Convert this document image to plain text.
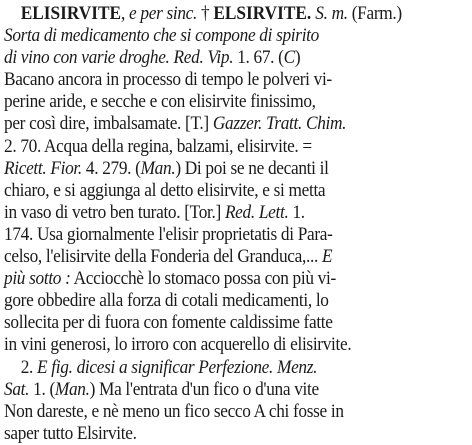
ELISIRVITE, e per sinc. † ELSIRVITE. S. m. (Farm.)
Sorta di medicamento che si compone di spirito
di vino con varie droghe. Red. Vip. 1. 67. (C)
Bacano ancora in processo di tempo le polveri vi-
perine aride, e secche e con elisirvite finissimo,
per così dire, imbalsamate. [T.] Gazzer. Tratt. Chim.
2. 70. Acqua della regina, balzami, elisirvite. =
Ricett. Fior. 4. 279. (Man.) Di poi se ne decanti il
chiaro, e si aggiunga al detto elisirvite, e si metta
in vaso di vetro ben turato. [Tor.] Red. Lett. 1.
174. Usa giornalmente l'elisir proprietatis di Para-
celso, l'elisirvite della Fonderia del Granduca,... E
più sotto : Acciocchè lo stomaco possa con più vi-
gore obbedire alla forza di cotali medicamenti, lo
sollecita per di fuora con fomente caldissime fatte
in vini generosi, lo irroro con acquerello di elisirvite.
2. E fig. dicesi a significar Perfezione. Menz.
Sat. 1. (Man.) Ma l'entrata d'un fico o d'una vite
Non dareste, e nè meno un fico secco A chi fosse in
saper tutto Elsirvite.
